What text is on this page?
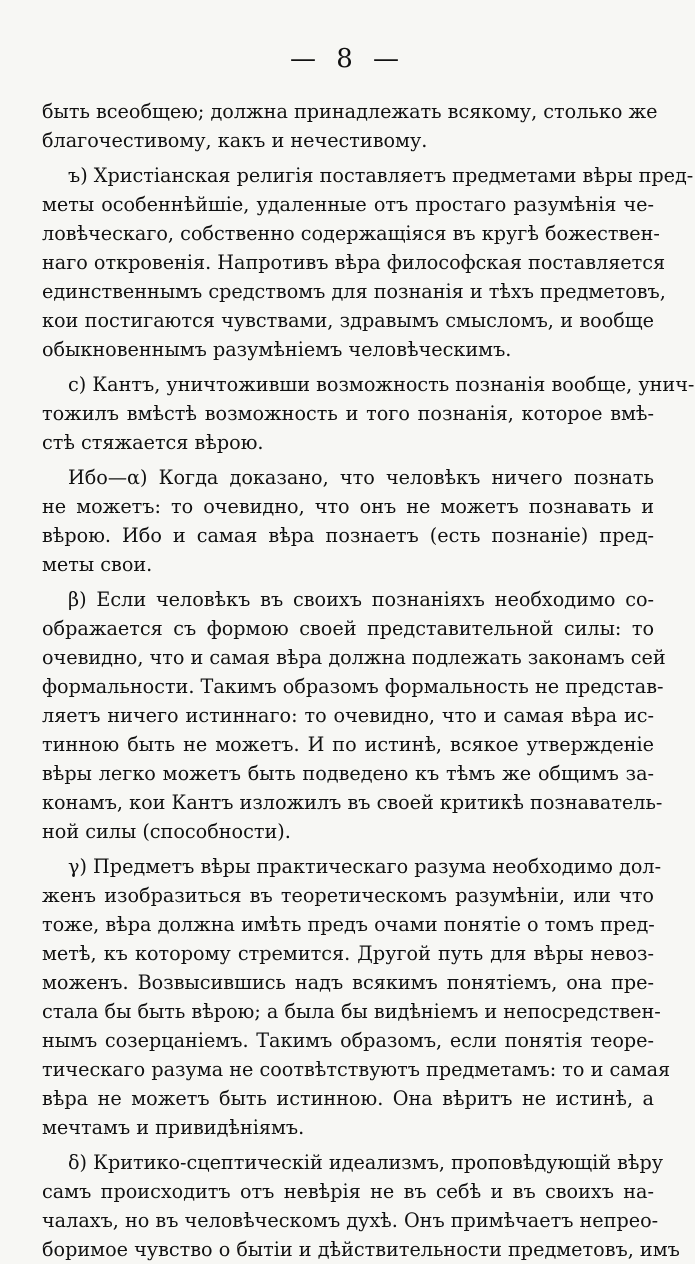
— 8 —

быть всеобщею; должна принадлежать всякому, столько же
благочестивому, какъ и нечестивому.

ъ) Христіанская религія поставляетъ предметами вѣры пред-
меты особеннѣйшіе, удаленные отъ простаго разумѣнія че-
ловѣческаго, собственно содержащіяся въ кругѣ божествен-
наго откровенія. Напротивъ вѣра философская поставляется
единственнымъ средствомъ для познанія и тѣхъ предметовъ,
кои постигаются чувствами, здравымъ смысломъ, и вообще
обыкновеннымъ разумѣніемъ человѣческимъ.

c) Кантъ, уничтоживши возможность познанія вообще, унич-
тожилъ вмѣстѣ возможность и того познанія, которое вмѣ-
стѣ стяжается вѣрою.

Ибо—α) Когда доказано, что человѣкъ ничего познать
не можетъ: то очевидно, что онъ не можетъ познавать и
вѣрою. Ибо и самая вѣра познаетъ (есть познаніе) пред-
меты свои.

β) Если человѣкъ въ своихъ познаніяхъ необходимо со-
ображается съ формою своей представительной силы: то
очевидно, что и самая вѣра должна подлежать законамъ сей
формальности. Такимъ образомъ формальность не представ-
ляетъ ничего истиннаго: то очевидно, что и самая вѣра ис-
тинною быть не можетъ. И по истинѣ, всякое утвержденіе
вѣры легко можетъ быть подведено къ тѣмъ же общимъ за-
конамъ, кои Кантъ изложилъ въ своей критикѣ познаватель-
ной силы (способности).

γ) Предметъ вѣры практическаго разума необходимо дол-
женъ изобразиться въ теоретическомъ разумѣніи, или что
тоже, вѣра должна имѣть предъ очами понятіе о томъ пред-
метѣ, къ которому стремится. Другой путь для вѣры невоз-
моженъ. Возвысившись надъ всякимъ понятіемъ, она пре-
стала бы быть вѣрою; а была бы видѣніемъ и непосредствен-
нымъ созерцаніемъ. Такимъ образомъ, если понятія теоре-
тическаго разума не соотвѣтствуютъ предметамъ: то и самая
вѣра не можетъ быть истинною. Она вѣритъ не истинѣ, а
мечтамъ и привидѣніямъ.

δ) Критико-сцептическій идеализмъ, проповѣдующій вѣру
самъ происходитъ отъ невѣрія не въ себѣ и въ своихъ на-
чалахъ, но въ человѣческомъ духѣ. Онъ примѣчаетъ непрео-
боримое чувство о бытіи и дѣйствительности предметовъ, имъ
